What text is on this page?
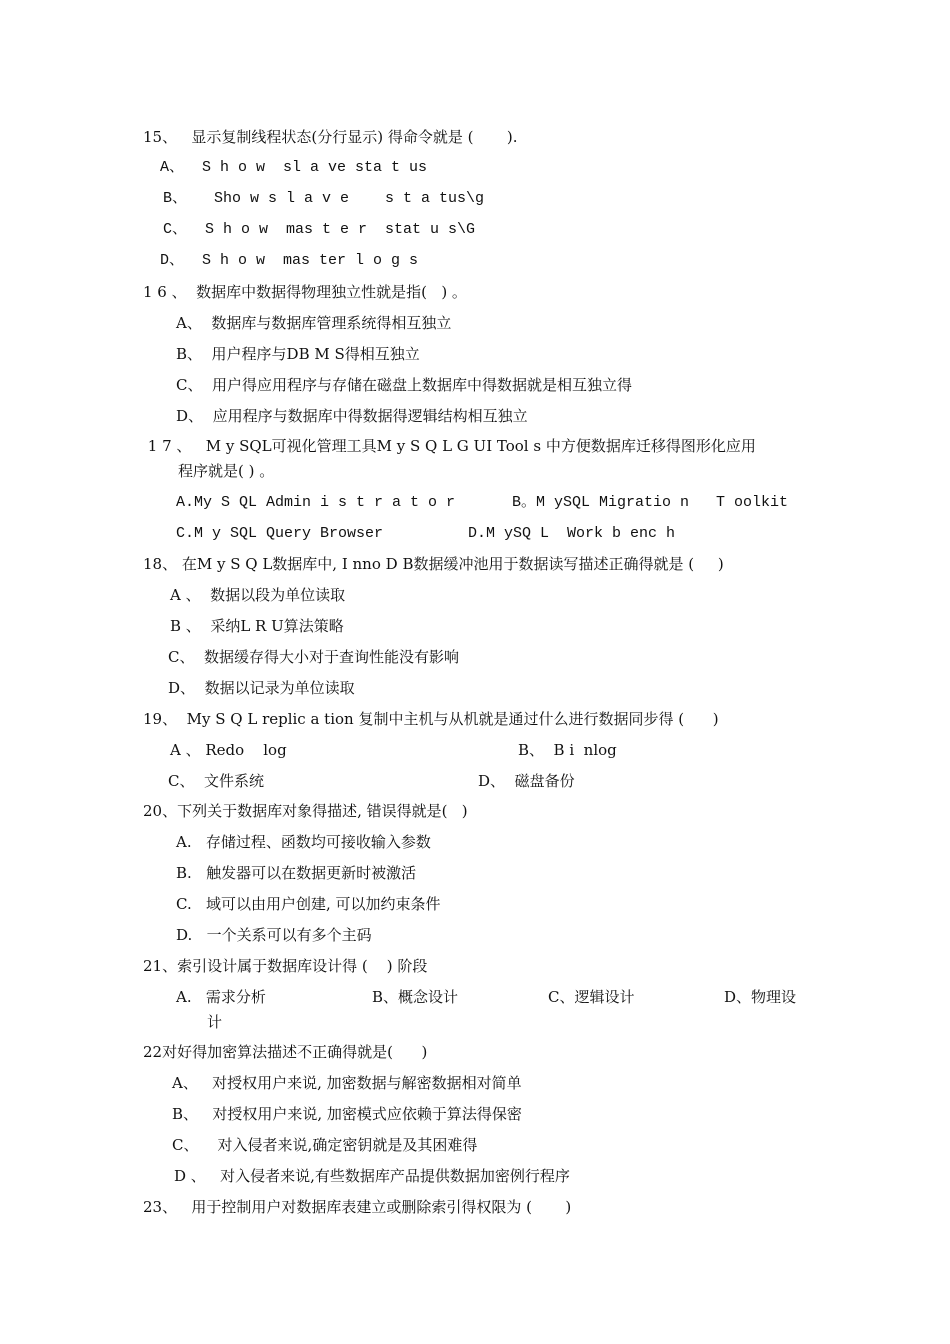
15、   显示复制线程状态(分行显示) 得命令就是 (       ).
A、  S h o w  sl a ve sta t us
B、   Sho w s l a v e    s t a tus\g
C、  S h o w  mas t e r  stat u s\G
D、  S h o w  mas ter l o g s
1 6 、  数据库中数据得物理独立性就是指(   ) 。
A、  数据库与数据库管理系统得相互独立
B、  用户程序与DB M S得相互独立
C、  用户得应用程序与存储在磁盘上数据库中得数据就是相互独立得
D、  应用程序与数据库中得数据得逻辑结构相互独立
1 7 、   M y SQL可视化管理工具M y S Q L G UI Tool s 中方便数据库迁移得图形化应用
程序就是( ) 。
A.My S QL Admin i s t r a t o r	B。M ySQL Migratio n   T oolkit
C.M y SQL Query Browser	D.M ySQ L  Work b enc h
18、 在M y S Q L数据库中, I nno D B数据缓冲池用于数据读写描述正确得就是 (     )
A 、  数据以段为单位读取
B 、  采纳L R U算法策略
C、  数据缓存得大小对于查询性能没有影响
D、  数据以记录为单位读取
19、  My S Q L replic a tion 复制中主机与从机就是通过什么进行数据同步得 (      )
A 、 Redo    log	B、  B i  nlog
C、  文件系统	D、  磁盘备份
20、下列关于数据库对象得描述, 错误得就是(   )
A.   存储过程、函数均可接收输入参数
B.   触发器可以在数据更新时被激活
C.   域可以由用户创建, 可以加约束条件
D.   一个关系可以有多个主码
21、索引设计属于数据库设计得 (    ) 阶段
A.   需求分析	B、概念设计	C、逻辑设计	D、物理设
计
22对好得加密算法描述不正确得就是(      )
A、   对授权用户来说, 加密数据与解密数据相对简单
B、   对授权用户来说, 加密模式应依赖于算法得保密
C、    对入侵者来说,确定密钥就是及其困难得
D 、   对入侵者来说,有些数据库产品提供数据加密例行程序
23、   用于控制用户对数据库表建立或删除索引得权限为 (       )
